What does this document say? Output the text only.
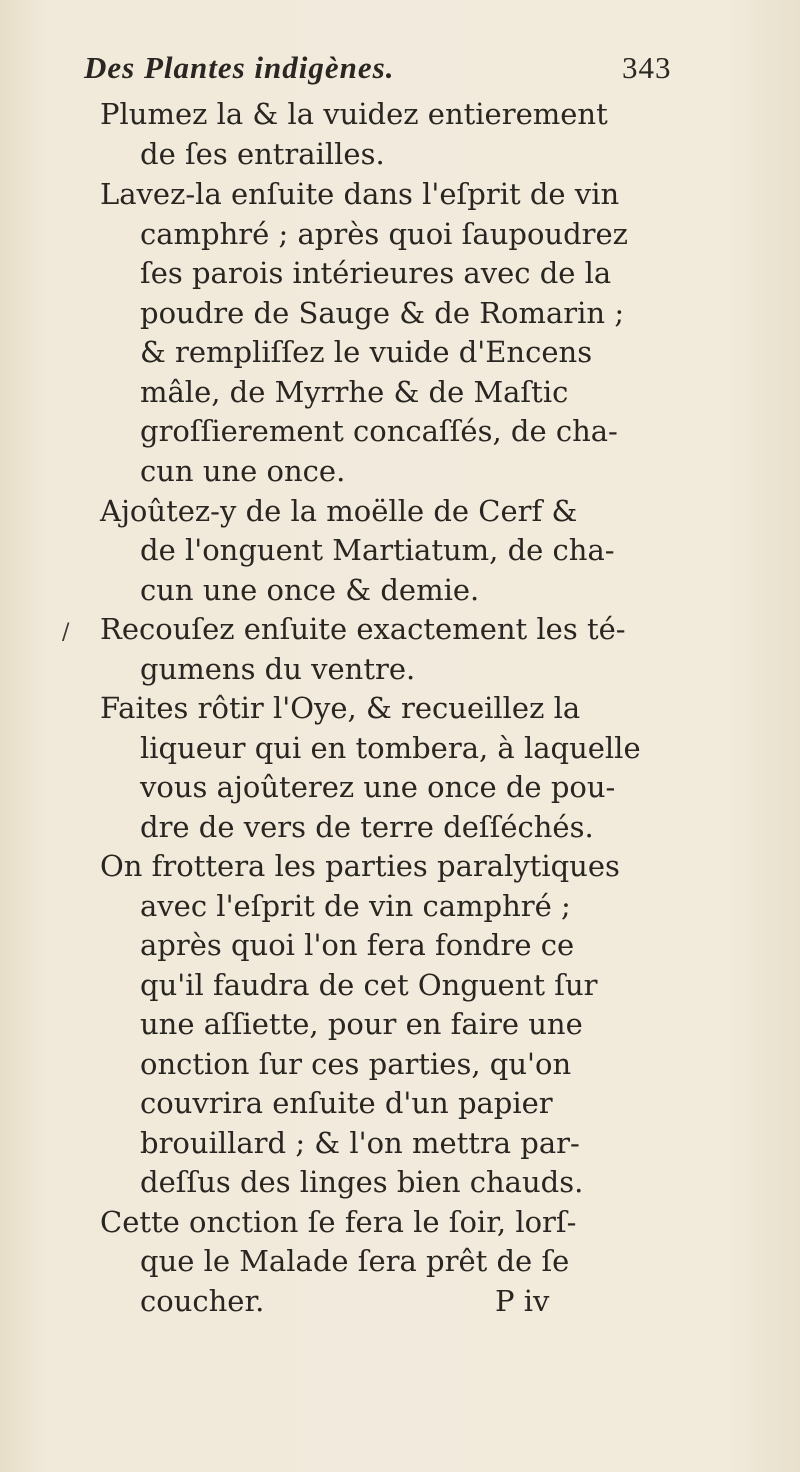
Des Plantes indigènes.	343
/
Plumez la & la vuidez entierement
de ſes entrailles.
Lavez-la enſuite dans l'eſprit de vin
camphré ; après quoi ſaupoudrez
ſes parois intérieures avec de la
poudre de Sauge & de Romarin ;
& rempliſſez le vuide d'Encens
mâle, de Myrrhe & de Maſtic
groſſierement concaſſés, de cha-
cun une once.
Ajoûtez-y de la moëlle de Cerf &
de l'onguent Martiatum, de cha-
cun une once & demie.
Recouſez enſuite exactement les té-
gumens du ventre.
Faites rôtir l'Oye, & recueillez la
liqueur qui en tombera, à laquelle
vous ajoûterez une once de pou-
dre de vers de terre deſſéchés.
On frottera les parties paralytiques
avec l'eſprit de vin camphré ;
après quoi l'on fera fondre ce
qu'il faudra de cet Onguent ſur
une aſſiette, pour en faire une
onction ſur ces parties, qu'on
couvrira enſuite d'un papier
brouillard ; & l'on mettra par-
deſſus des linges bien chauds.
Cette onction ſe fera le ſoir, lorſ-
que le Malade ſera prêt de ſe
coucher.	P iv
